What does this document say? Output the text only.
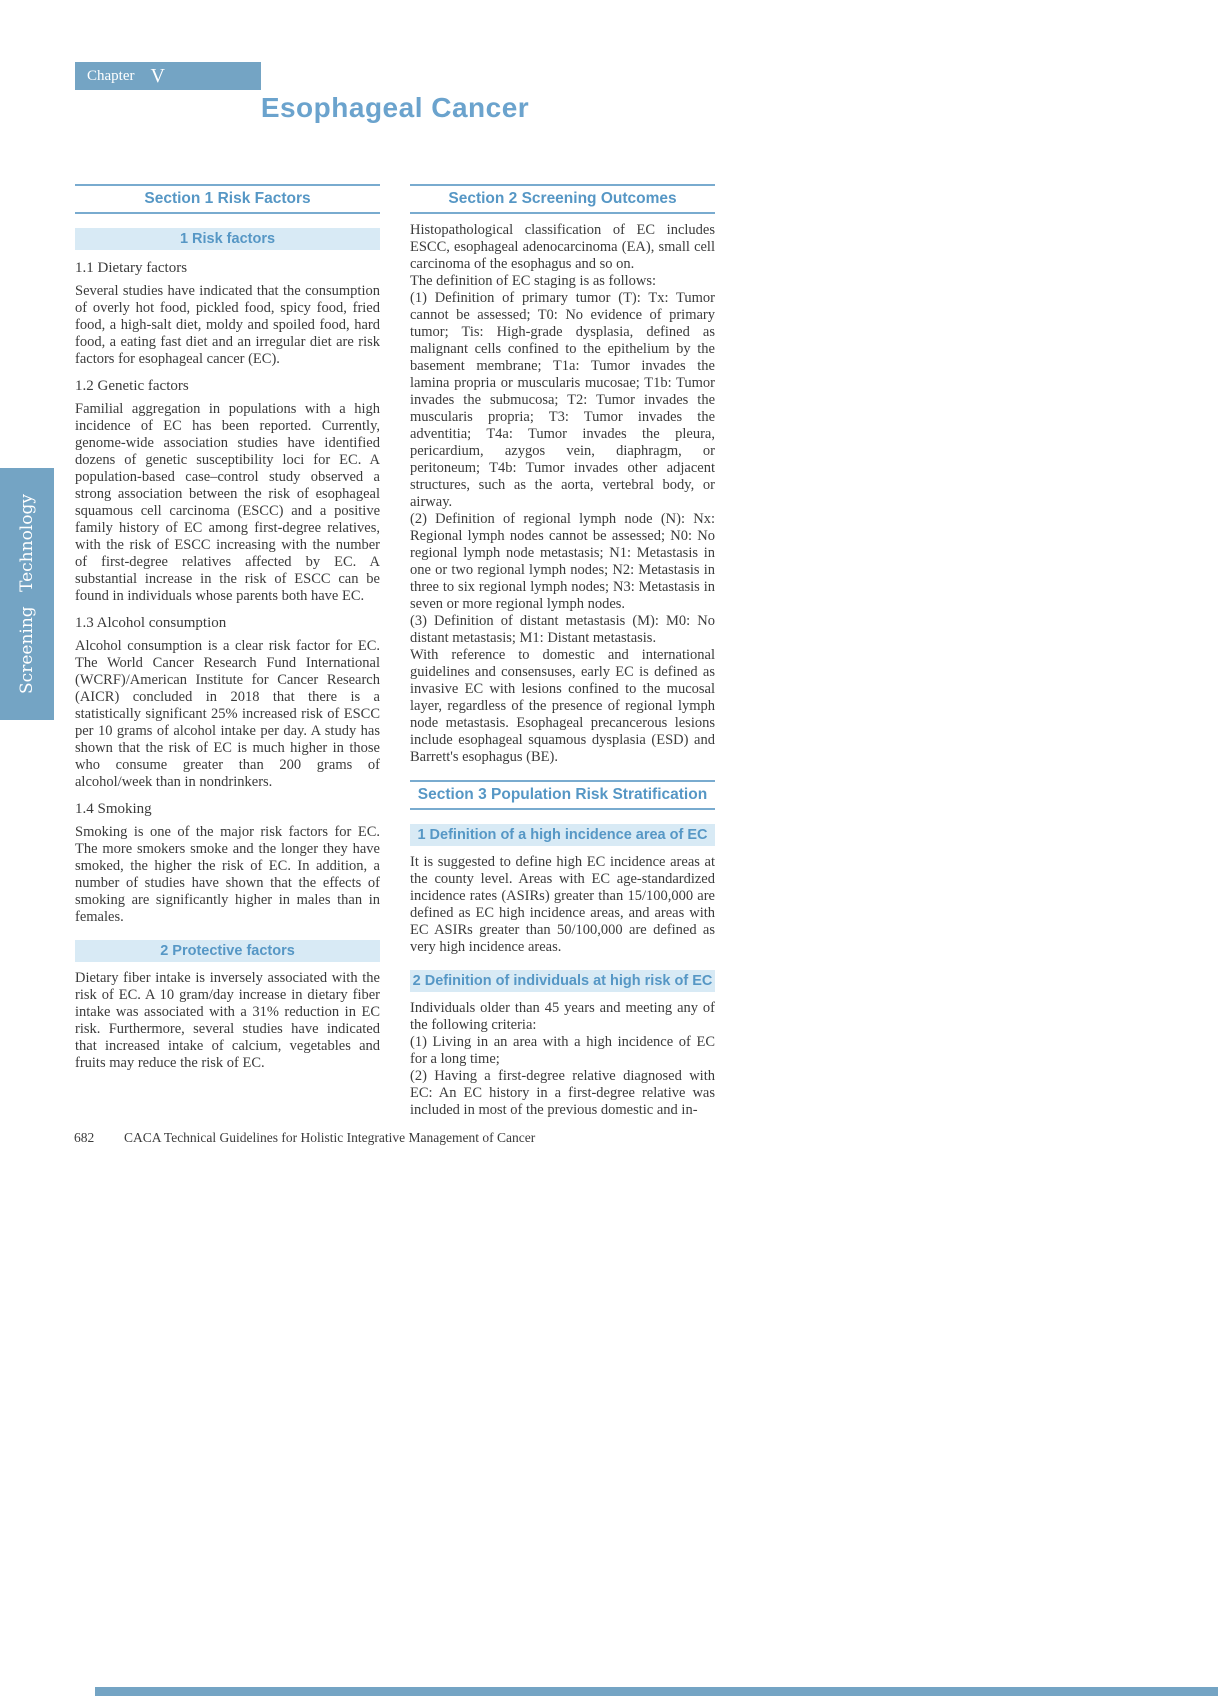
Chapter V
Esophageal Cancer
Section 1 Risk Factors
1 Risk factors
1.1 Dietary factors

Several studies have indicated that the consumption of overly hot food, pickled food, spicy food, fried food, a high-salt diet, moldy and spoiled food, hard food, a eating fast diet and an irregular diet are risk factors for esophageal cancer (EC).

1.2 Genetic factors

Familial aggregation in populations with a high incidence of EC has been reported. Currently, genome-wide association studies have identified dozens of genetic susceptibility loci for EC. A population-based case–control study observed a strong association between the risk of esophageal squamous cell carcinoma (ESCC) and a positive family history of EC among first-degree relatives, with the risk of ESCC increasing with the number of first-degree relatives affected by EC. A substantial increase in the risk of ESCC can be found in individuals whose parents both have EC.

1.3 Alcohol consumption

Alcohol consumption is a clear risk factor for EC. The World Cancer Research Fund International (WCRF)/American Institute for Cancer Research (AICR) concluded in 2018 that there is a statistically significant 25% increased risk of ESCC per 10 grams of alcohol intake per day. A study has shown that the risk of EC is much higher in those who consume greater than 200 grams of alcohol/week than in nondrinkers.

1.4 Smoking

Smoking is one of the major risk factors for EC. The more smokers smoke and the longer they have smoked, the higher the risk of EC. In addition, a number of studies have shown that the effects of smoking are significantly higher in males than in females.

2 Protective factors

Dietary fiber intake is inversely associated with the risk of EC. A 10 gram/day increase in dietary fiber intake was associated with a 31% reduction in EC risk. Furthermore, several studies have indicated that increased intake of calcium, vegetables and fruits may reduce the risk of EC.

Section 2 Screening Outcomes

Histopathological classification of EC includes ESCC, esophageal adenocarcinoma (EA), small cell carcinoma of the esophagus and so on.

The definition of EC staging is as follows:

(1) Definition of primary tumor (T): Tx: Tumor cannot be assessed; T0: No evidence of primary tumor; Tis: High-grade dysplasia, defined as malignant cells confined to the epithelium by the basement membrane; T1a: Tumor invades the lamina propria or muscularis mucosae; T1b: Tumor invades the submucosa; T2: Tumor invades the muscularis propria; T3: Tumor invades the adventitia; T4a: Tumor invades the pleura, pericardium, azygos vein, diaphragm, or peritoneum; T4b: Tumor invades other adjacent structures, such as the aorta, vertebral body, or airway.

(2) Definition of regional lymph node (N): Nx: Regional lymph nodes cannot be assessed; N0: No regional lymph node metastasis; N1: Metastasis in one or two regional lymph nodes; N2: Metastasis in three to six regional lymph nodes; N3: Metastasis in seven or more regional lymph nodes.

(3) Definition of distant metastasis (M): M0: No distant metastasis; M1: Distant metastasis.

With reference to domestic and international guidelines and consensuses, early EC is defined as invasive EC with lesions confined to the mucosal layer, regardless of the presence of regional lymph node metastasis. Esophageal precancerous lesions include esophageal squamous dysplasia (ESD) and Barrett's esophagus (BE).

Section 3 Population Risk Stratification
1 Definition of a high incidence area of EC

It is suggested to define high EC incidence areas at the county level. Areas with EC age-standardized incidence rates (ASIRs) greater than 15/100,000 are defined as EC high incidence areas, and areas with EC ASIRs greater than 50/100,000 are defined as very high incidence areas.

2 Definition of individuals at high risk of EC

Individuals older than 45 years and meeting any of the following criteria:

(1) Living in an area with a high incidence of EC for a long time;

(2) Having a first-degree relative diagnosed with EC: An EC history in a first-degree relative was included in most of the previous domestic and in-

Screening Technology
682	CACA Technical Guidelines for Holistic Integrative Management of Cancer
